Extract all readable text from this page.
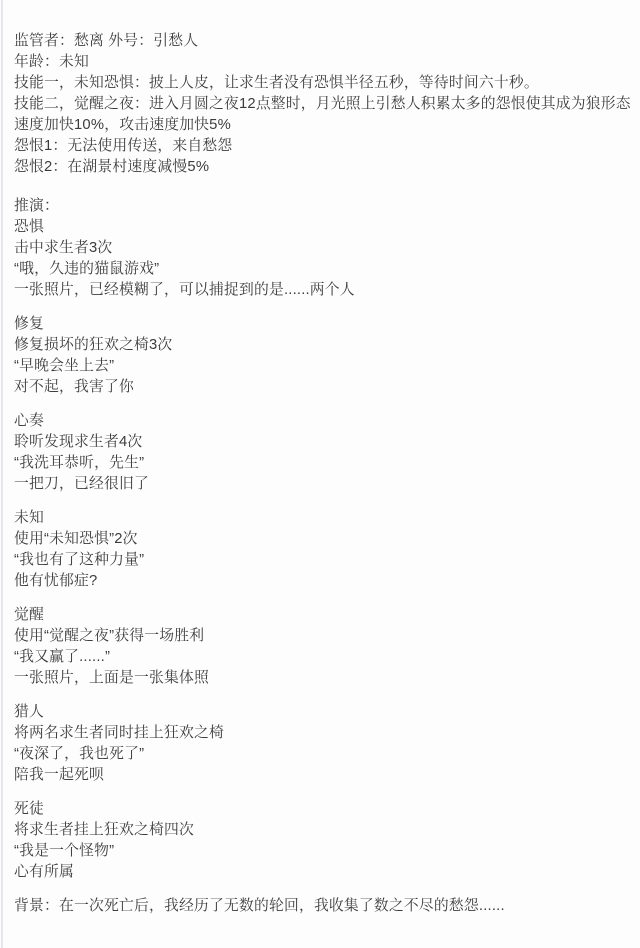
监管者：愁离 外号：引愁人

年龄：未知

技能一，未知恐惧：披上人皮，让求生者没有恐惧半径五秒，等待时间六十秒。

技能二，觉醒之夜：进入月圆之夜12点整时，月光照上引愁人积累太多的怨恨使其成为狼形态速度加快10%，攻击速度加快5%

怨恨1：无法使用传送，来自愁怨

怨恨2：在湖景村速度减慢5%

推演：

恐惧

击中求生者3次

“哦，久违的猫鼠游戏”

一张照片，已经模糊了，可以捕捉到的是......两个人

修复

修复损坏的狂欢之椅3次

“早晚会坐上去”

对不起，我害了你

心奏

聆听发现求生者4次

“我洗耳恭听，先生”

一把刀，已经很旧了

未知

使用“未知恐惧”2次

“我也有了这种力量”

他有忧郁症?

觉醒

使用“觉醒之夜”获得一场胜利

“我又赢了......”

一张照片，上面是一张集体照

猎人

将两名求生者同时挂上狂欢之椅

“夜深了，我也死了”

陪我一起死呗

死徒

将求生者挂上狂欢之椅四次

“我是一个怪物”

心有所属

背景：在一次死亡后，我经历了无数的轮回，我收集了数之不尽的愁怨......
